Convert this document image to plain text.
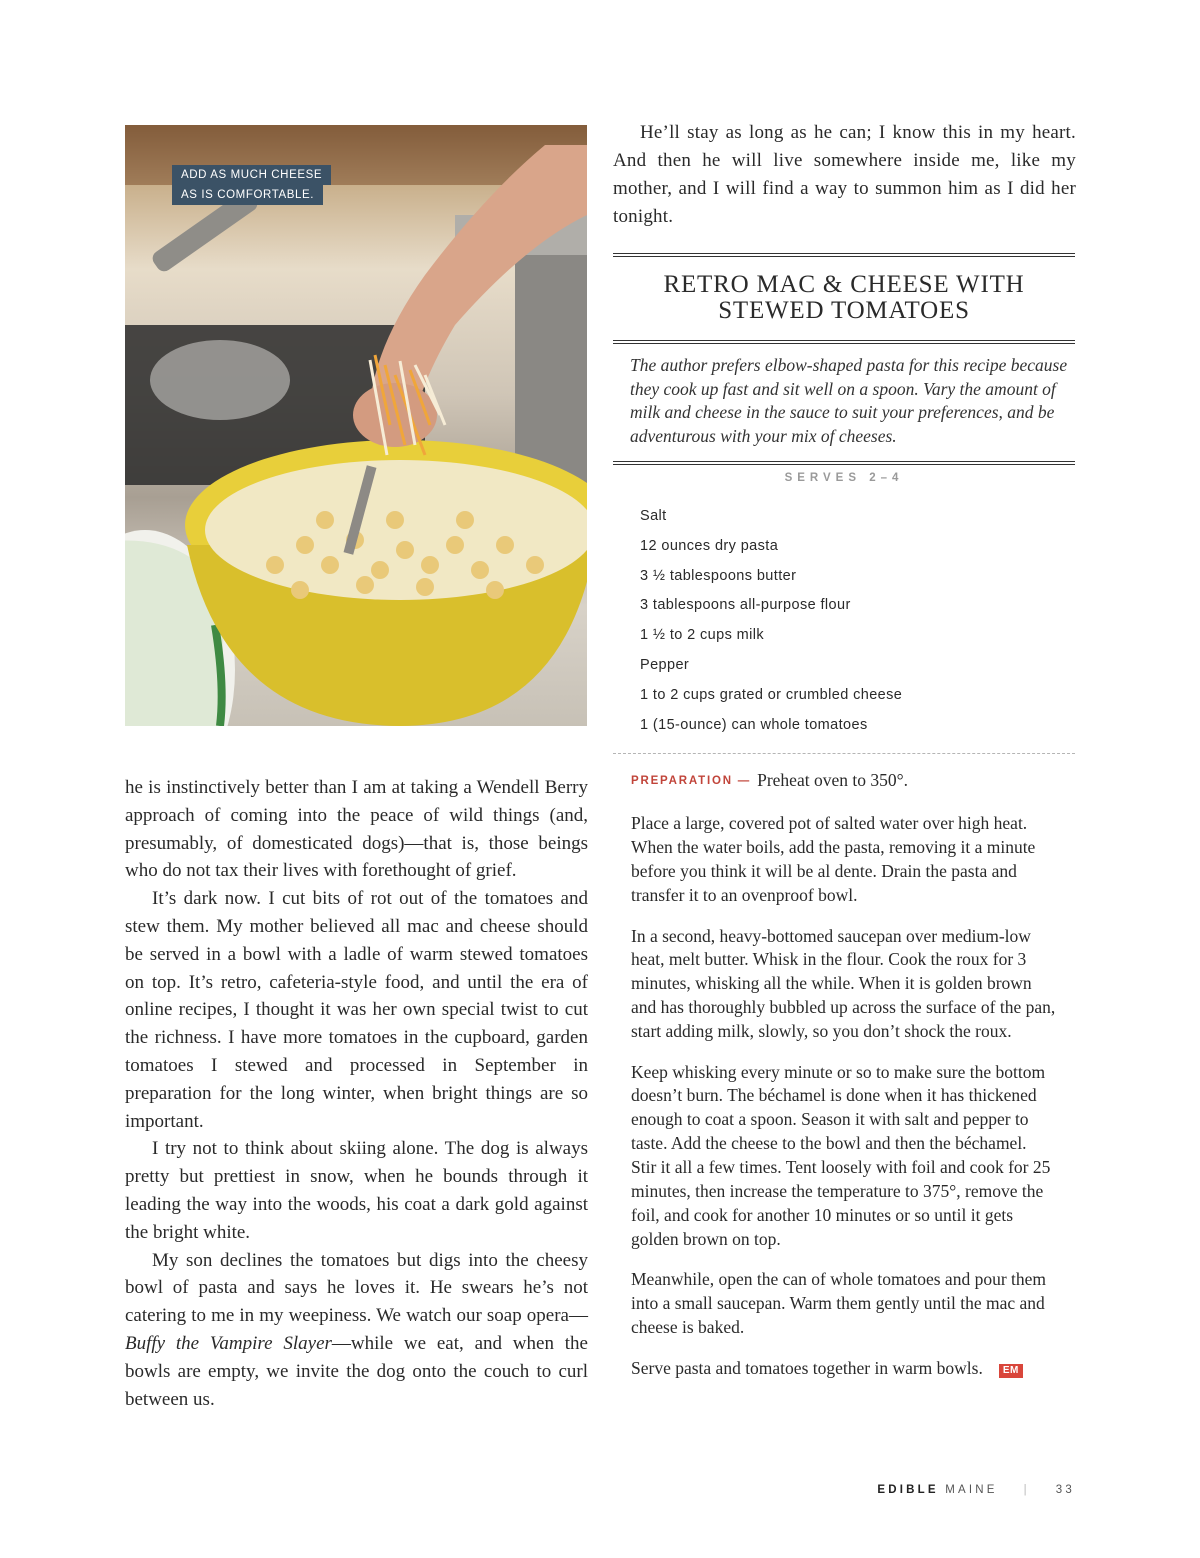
ADD AS MUCH CHEESE
AS IS COMFORTABLE.

he is instinctively better than I am at taking a Wendell Berry approach of coming into the peace of wild things (and, presumably, of domesticated dogs)—that is, those beings who do not tax their lives with forethought of grief.

It’s dark now. I cut bits of rot out of the tomatoes and stew them. My mother believed all mac and cheese should be served in a bowl with a ladle of warm stewed tomatoes on top. It’s retro, cafeteria-style food, and until the era of online recipes, I thought it was her own special twist to cut the richness. I have more tomatoes in the cupboard, garden tomatoes I stewed and processed in September in preparation for the long winter, when bright things are so important.

I try not to think about skiing alone. The dog is always pretty but prettiest in snow, when he bounds through it leading the way into the woods, his coat a dark gold against the bright white.

My son declines the tomatoes but digs into the cheesy bowl of pasta and says he loves it. He swears he’s not catering to me in my weepiness. We watch our soap opera—Buffy the Vampire Slayer—while we eat, and when the bowls are empty, we invite the dog onto the couch to curl between us.

He’ll stay as long as he can; I know this in my heart. And then he will live somewhere inside me, like my mother, and I will find a way to summon him as I did her tonight.

RETRO MAC & CHEESE WITH
STEWED TOMATOES
The author prefers elbow-shaped pasta for this recipe because they cook up fast and sit well on a spoon. Vary the amount of milk and cheese in the sauce to suit your preferences, and be adventurous with your mix of cheeses.
SERVES 2–4
Salt
12 ounces dry pasta
3 ½ tablespoons butter
3 tablespoons all-purpose flour
1 ½ to 2 cups milk
Pepper
1 to 2 cups grated or crumbled cheese
1 (15-ounce) can whole tomatoes

PREPARATION — Preheat oven to 350°.

Place a large, covered pot of salted water over high heat. When the water boils, add the pasta, removing it a minute before you think it will be al dente. Drain the pasta and transfer it to an ovenproof bowl.

In a second, heavy-bottomed saucepan over medium-low heat, melt butter. Whisk in the flour. Cook the roux for 3 minutes, whisking all the while. When it is golden brown and has thoroughly bubbled up across the surface of the pan, start adding milk, slowly, so you don’t shock the roux.

Keep whisking every minute or so to make sure the bottom doesn’t burn. The béchamel is done when it has thickened enough to coat a spoon. Season it with salt and pepper to taste. Add the cheese to the bowl and then the béchamel. Stir it all a few times. Tent loosely with foil and cook for 25 minutes, then increase the temperature to 375°, remove the foil, and cook for another 10 minutes or so until it gets golden brown on top.

Meanwhile, open the can of whole tomatoes and pour them into a small saucepan. Warm them gently until the mac and cheese is baked.

Serve pasta and tomatoes together in warm bowls. EM

EDIBLE MAINE | 33
